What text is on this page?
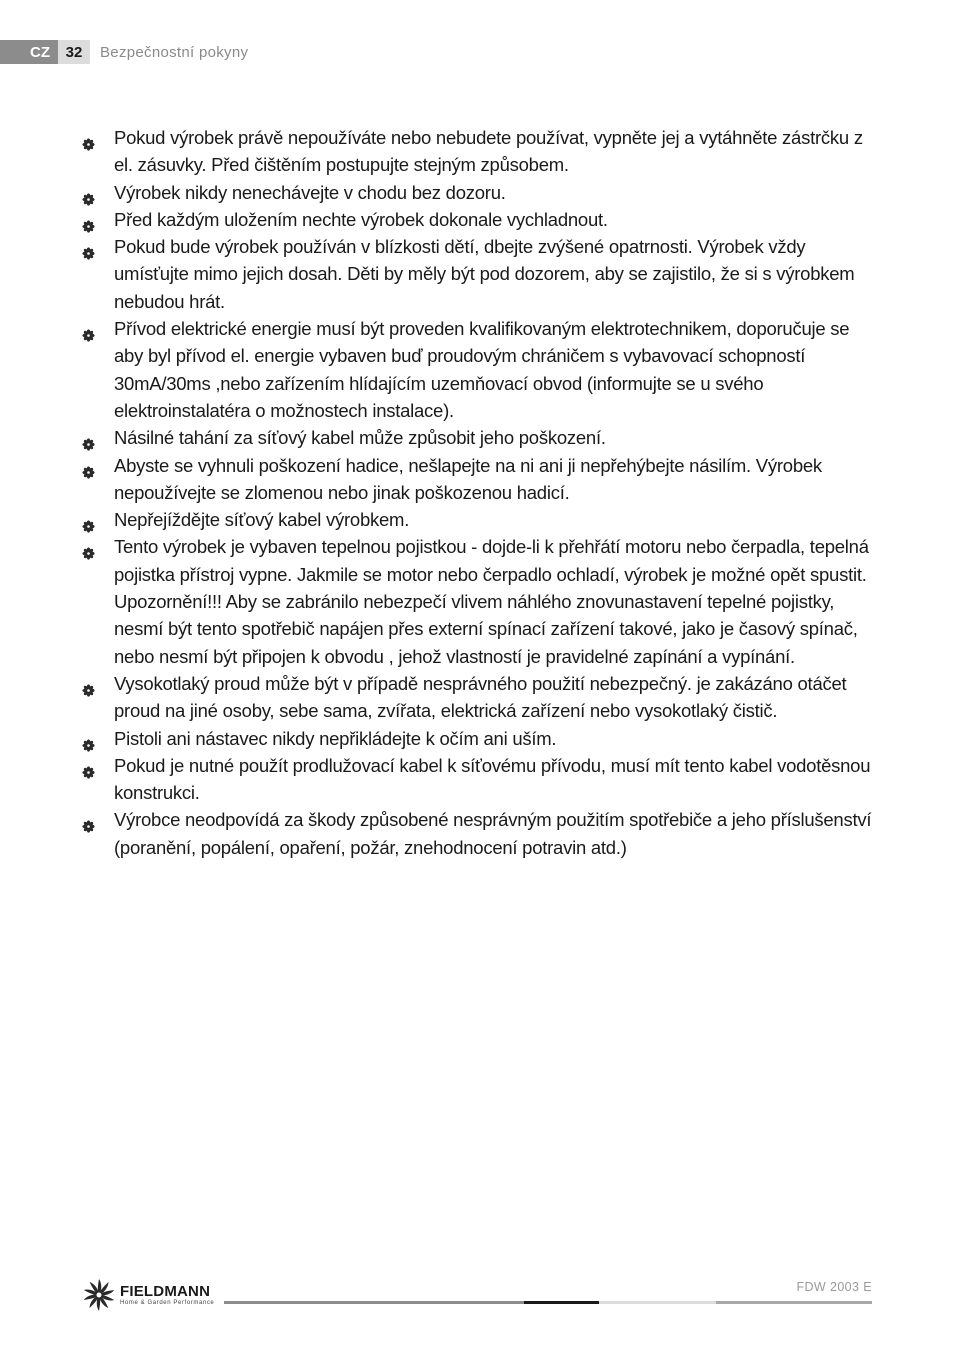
CZ	32	Bezpečnostní pokyny
Pokud výrobek právě nepoužíváte nebo nebudete používat, vypněte jej a vytáhněte zástrčku z el. zásuvky. Před čištěním postupujte stejným způsobem.
Výrobek nikdy nenechávejte v chodu bez dozoru.
Před každým uložením nechte výrobek dokonale vychladnout.
Pokud bude výrobek používán v blízkosti dětí, dbejte zvýšené opatrnosti. Výrobek vždy umísťujte mimo jejich dosah. Děti by měly být pod dozorem, aby se zajistilo, že si s výrobkem nebudou hrát.
Přívod elektrické energie musí být proveden kvalifikovaným elektrotechnikem, doporučuje se aby byl přívod el. energie vybaven buď proudovým chráničem s vybavovací schopností 30mA/30ms ,nebo zařízením hlídajícím uzemňovací obvod (informujte se u svého elektroinstalatéra o možnostech instalace).
Násilné tahání za síťový kabel může způsobit jeho poškození.
Abyste se vyhnuli poškození hadice, nešlapejte na ni ani ji nepřehýbejte násilím. Výrobek nepoužívejte se zlomenou nebo jinak poškozenou hadicí.
Nepřejíždějte síťový kabel výrobkem.
Tento výrobek je vybaven tepelnou pojistkou - dojde-li k přehřátí motoru nebo čerpadla, tepelná pojistka přístroj vypne. Jakmile se motor nebo čerpadlo ochladí, výrobek je možné opět spustit. Upozornění!!! Aby se zabránilo nebezpečí vlivem náhlého znovunastavení tepelné pojistky, nesmí být tento spotřebič napájen přes externí spínací zařízení takové, jako je časový spínač, nebo nesmí být připojen k obvodu , jehož vlastností je pravidelné zapínání a vypínání.
Vysokotlaký proud může být v případě nesprávného použití nebezpečný. je zakázáno otáčet proud na jiné osoby, sebe sama, zvířata, elektrická zařízení nebo vysokotlaký čistič.
Pistoli ani nástavec nikdy nepřikládejte k očím ani uším.
Pokud je nutné použít prodlužovací kabel k síťovému přívodu, musí mít tento kabel vodotěsnou konstrukci.
Výrobce neodpovídá za škody způsobené nesprávným použitím spotřebiče a jeho příslušenství (poranění, popálení, opaření, požár, znehodnocení potravin atd.)
FIELDMANN
Home & Garden Performance
FDW 2003 E
